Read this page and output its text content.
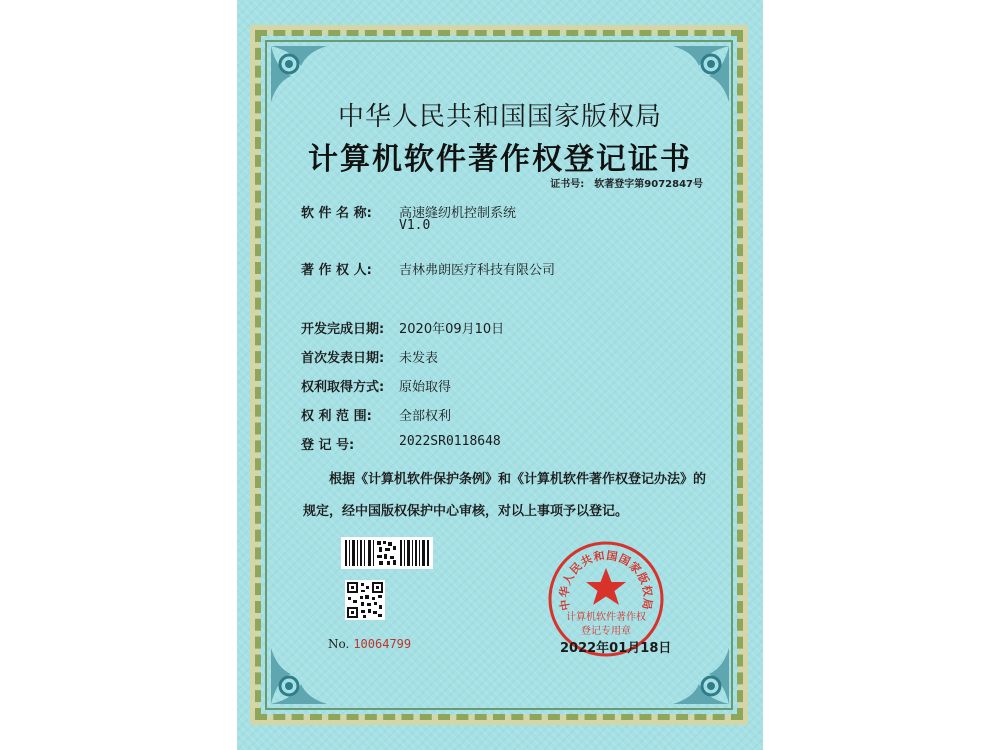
中华人民共和国国家版权局
计算机软件著作权登记证书
证书号: 软著登字第9072847号
软 件 名 称: 高速缝纫机控制系统
V1.0
著 作 权 人: 吉林弗朗医疗科技有限公司
开发完成日期: 2020年09月10日
首次发表日期: 未发表
权利取得方式: 原始取得
权 利 范 围: 全部权利
登 记 号:	2022SR0118648
根据《计算机软件保护条例》和《计算机软件著作权登记办法》的
规定，经中国版权保护中心审核，对以上事项予以登记。
No. 10064799
中华人民共和国国家版权局
计算机软件著作权
登记专用章
2022年01月18日
